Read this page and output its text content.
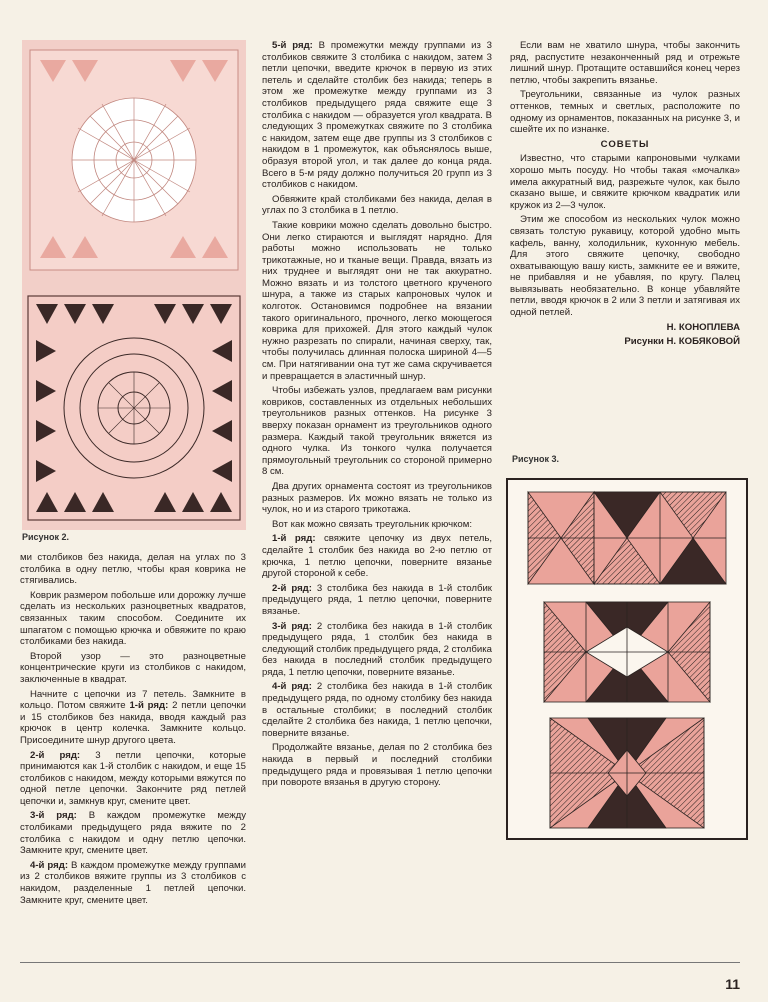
Рисунок 2.

ми столбиков без накида, делая на углах по 3 столбика в одну петлю, чтобы края коврика не стягивались.

Коврик размером побольше или дорожку лучше сделать из нескольких разноцветных квадратов, связанных таким способом. Соедините их шпагатом с помощью крючка и обвяжите по краю столбиками без накида.

Второй узор — это разноцветные концентрические круги из столбиков с накидом, заключенные в квадрат.

Начните с цепочки из 7 петель. Замкните в кольцо. Потом свяжите 1-й ряд: 2 петли цепочки и 15 столбиков без накида, вводя каждый раз крючок в центр колечка. Замкните кольцо. Присоедините шнур другого цвета.

2-й ряд: 3 петли цепочки, которые принимаются как 1-й столбик с накидом, и еще 15 столбиков с накидом, между которыми вяжутся по одной петле цепочки. Закончите ряд петлей цепочки и, замкнув круг, смените цвет.

3-й ряд: В каждом промежутке между столбиками предыдущего ряда вяжите по 2 столбика с накидом и одну петлю цепочки. Замкните круг, смените цвет.

4-й ряд: В каждом промежутке между группами из 2 столбиков вяжите группы из 3 столбиков с накидом, разделенные 1 петлей цепочки. Замкните круг, смените цвет.

5-й ряд: В промежутки между группами из 3 столбиков свяжите 3 столбика с накидом, затем 3 петли цепочки, введите крючок в первую из этих петель и сделайте столбик без накида; теперь в этом же промежутке между группами из 3 столбиков предыдущего ряда свяжите еще 3 столбика с накидом — образуется угол квадрата. В следующих 3 промежутках свяжите по 3 столбика с накидом, затем еще две группы из 3 столбиков с накидом в 1 промежуток, как объяснялось выше, образуя второй угол, и так далее до конца ряда. Всего в 5-м ряду должно получиться 20 групп из 3 столбиков с накидом.

Обвяжите край столбиками без накида, делая в углах по 3 столбика в 1 петлю.

Такие коврики можно сделать довольно быстро. Они легко стираются и выглядят нарядно. Для работы можно использовать не только трикотажные, но и тканые вещи. Правда, вязать из них труднее и выглядят они не так аккуратно. Можно вязать и из толстого цветного крученого шнура, а также из старых капроновых чулок и колготок. Остановимся подробнее на вязании такого оригинального, прочного, легко моющегося коврика для прихожей. Для этого каждый чулок нужно разрезать по спирали, начиная сверху, так, чтобы получилась длинная полоска шириной 4—5 см. При натягивании она тут же сама скручивается и превращается в эластичный шнур.

Чтобы избежать узлов, предлагаем вам рисунки ковриков, составленных из отдельных небольших треугольников разных оттенков. На рисунке 3 вверху показан орнамент из треугольников одного размера. Каждый такой треугольник вяжется из одного чулка. Из тонкого чулка получается прямоугольный треугольник со стороной примерно 8 см.

Два других орнамента состоят из треугольников разных размеров. Их можно вязать не только из чулок, но и из старого трикотажа.

Вот как можно связать треугольник крючком:

1-й ряд: свяжите цепочку из двух петель, сделайте 1 столбик без накида во 2-ю петлю от крючка, 1 петлю цепочки, поверните вязанье другой стороной к себе.

2-й ряд: 3 столбика без накида в 1-й столбик предыдущего ряда, 1 петлю цепочки, поверните вязанье.

3-й ряд: 2 столбика без накида в 1-й столбик предыдущего ряда, 1 столбик без накида в следующий столбик предыдущего ряда, 2 столбика без накида в последний столбик предыдущего ряда, 1 петлю цепочки, поверните вязанье.

4-й ряд: 2 столбика без накида в 1-й столбик предыдущего ряда, по одному столбику без накида в остальные столбики; в последний столбик сделайте 2 столбика без накида, 1 петлю цепочки, поверните вязанье.

Продолжайте вязанье, делая по 2 столбика без накида в первый и последний столбики предыдущего ряда и провязывая 1 петлю цепочки при повороте вязанья в другую сторону.

Если вам не хватило шнура, чтобы закончить ряд, распустите незаконченный ряд и отрежьте лишний шнур. Протащите оставшийся конец через петлю, чтобы закрепить вязанье.

Треугольники, связанные из чулок разных оттенков, темных и светлых, расположите по одному из орнаментов, показанных на рисунке 3, и сшейте их по изнанке.

СОВЕТЫ

Известно, что старыми капроновыми чулками хорошо мыть посуду. Но чтобы такая «мочалка» имела аккуратный вид, разрежьте чулок, как было сказано выше, и свяжите крючком квадратик или кружок из 2—3 чулок.

Этим же способом из нескольких чулок можно связать толстую рукавицу, которой удобно мыть кафель, ванну, холодильник, кухонную мебель. Для этого свяжите цепочку, свободно охватывающую вашу кисть, замкните ее и вяжите, не прибавляя и не убавляя, по кругу. Палец вывязывать необязательно. В конце убавляйте петли, вводя крючок в 2 или 3 петли и затягивая их одной петлей.

Н. КОНОПЛЕВА

Рисунки Н. КОБЯКОВОЙ

Рисунок 3.
11
